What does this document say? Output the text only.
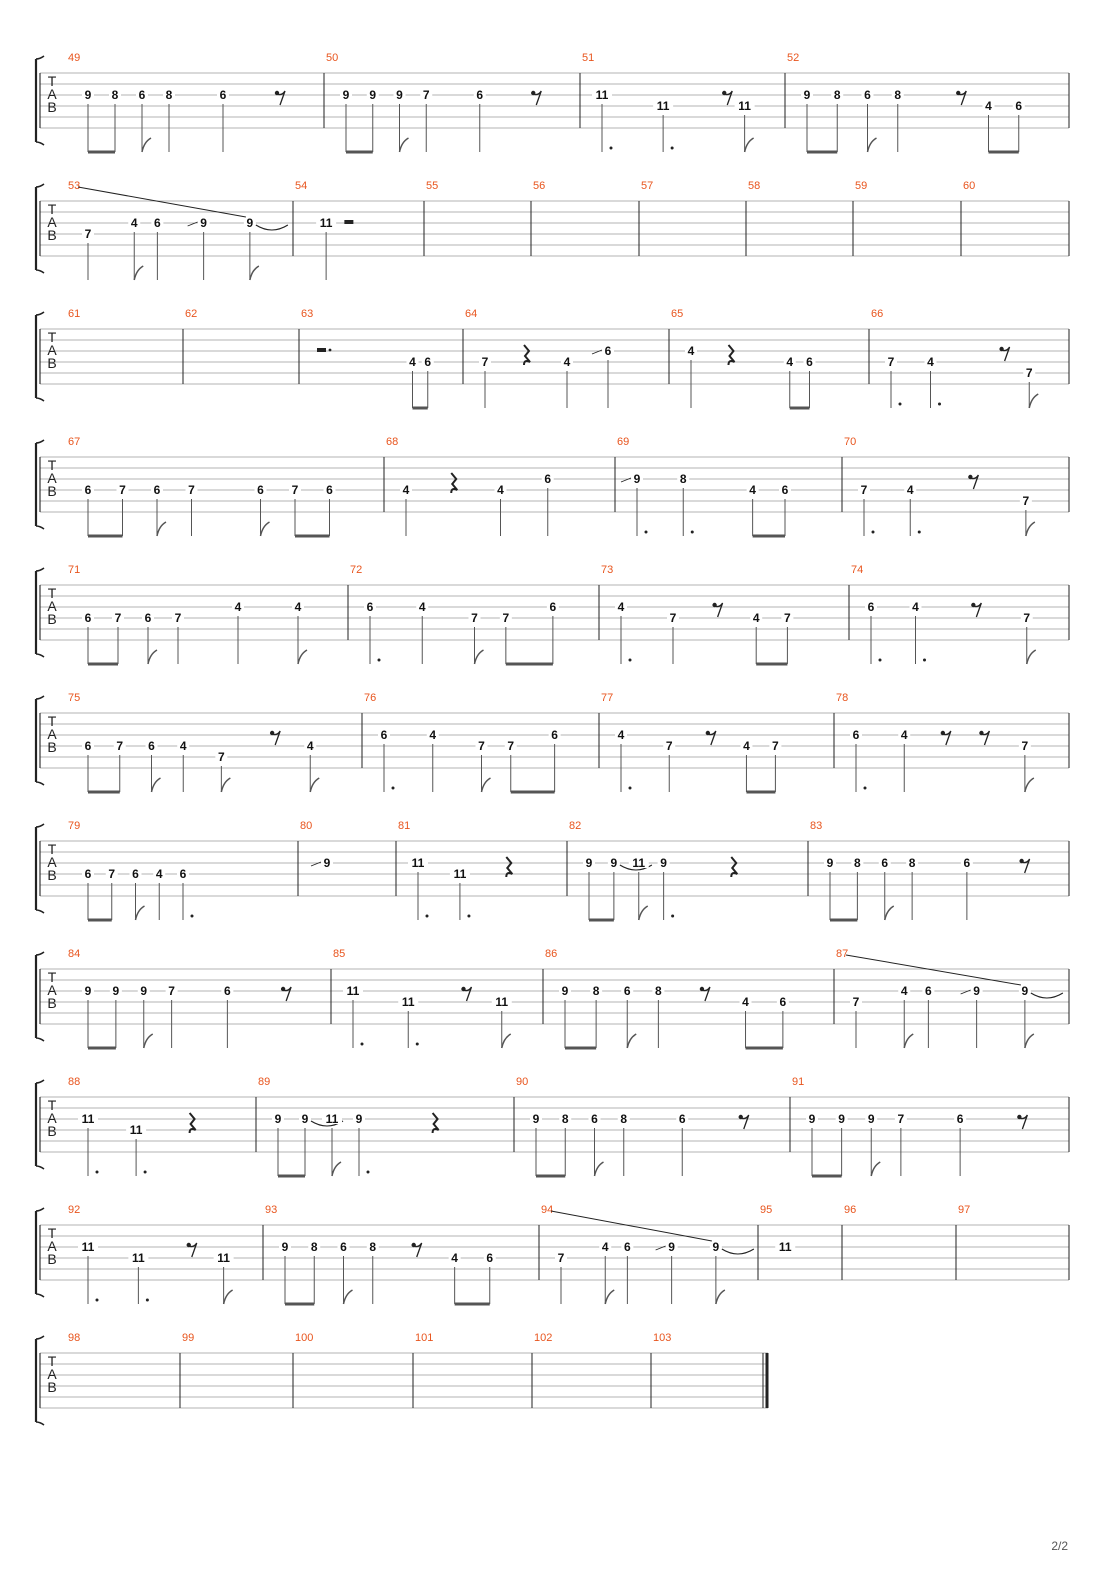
T
A
B
49
9 8 6 8	6
50
9 9 9 7	6
51
11
11	11
52
9 8 6 8
4 6
T
A
B
53
7
4 6	9	9
54
11
55	56	57	58	59	60
T
A
B
61	62	63
4 6
64
7	4
6
65
4
4 6
66
7	4
7
T
A
B
67
6 7 6 7	6 7 6
68
4	4
6
69
9	8
4 6
70
7	4
7
T
A
B
71
6 7 6 7
4	4
72
6	4
7 7
6
73
4
7	4 7
74
6	4
7
T
A
B
75
6 7 6 4
7
4
76
6	4
7 7
6
77
4
7	4 7
78
6	4
7
T
A
B
79
6 7 6 4 6
80
9
81
11
11
82
9 9 11 9
83
9 8 6 8	6
T
A
B
84
9 9 9 7	6
85
11
11	11
86
9 8 6 8
4	6
87
7
4 6	9	9
T
A
B
88
11
11
89
9 9 11 9
90
9 8 6 8	6
91
9 9 9 7	6
T
A
B
92
11
11	11
93
9 8 6 8
4 6
94
7
4 6	9	9
95
11
96	97
T
A
B
98	99	100	101	102	103
2/2
